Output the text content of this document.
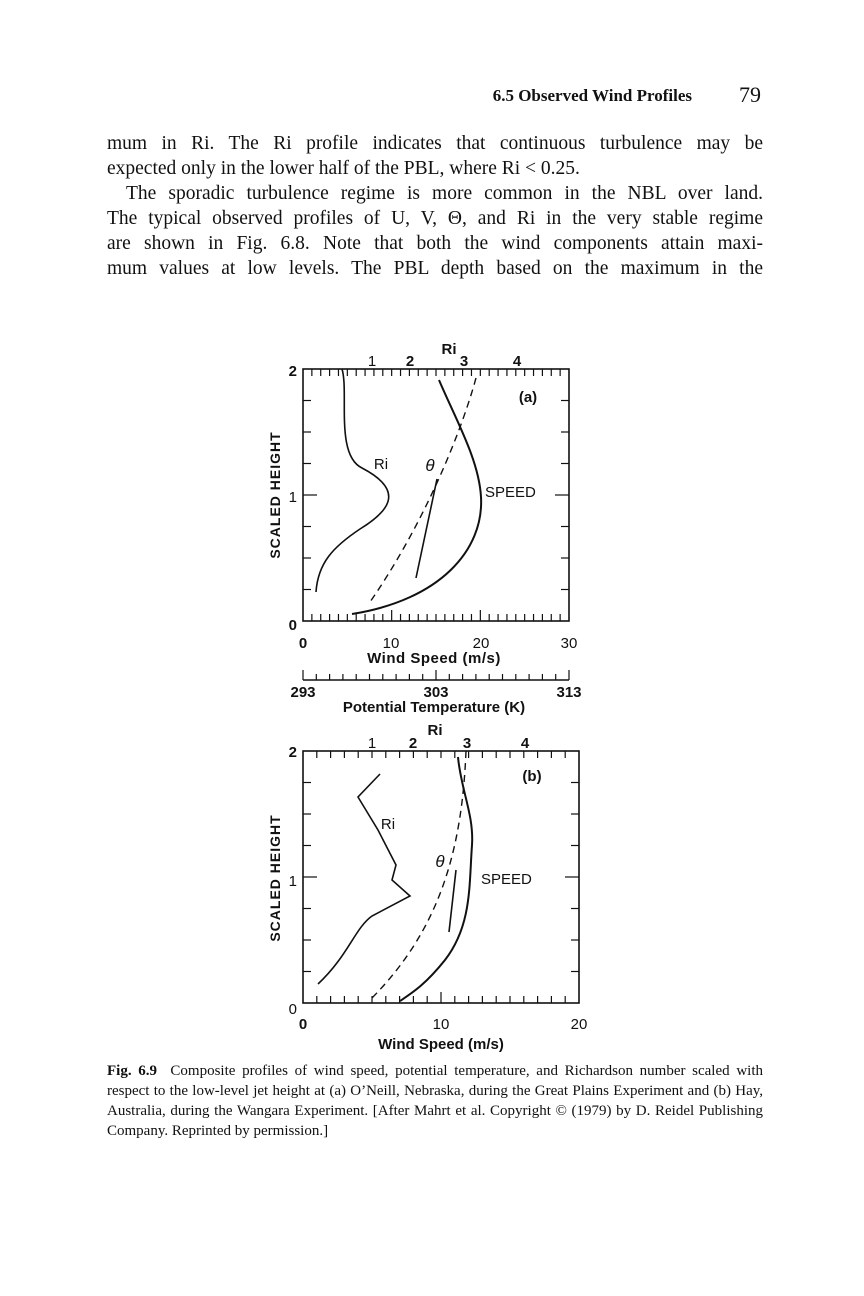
6.5 Observed Wind Profiles 79

mum in Ri. The Ri profile indicates that continuous turbulence may be

expected only in the lower half of the PBL, where Ri < 0.25.

The sporadic turbulence regime is more common in the NBL over land.

The typical observed profiles of U, V, Θ, and Ri in the very stable regime

are shown in Fig. 6.8. Note that both the wind components attain maxi-

mum values at low levels. The PBL depth based on the maximum in the

Ri
1 2	3	4
2
1
0
SCALED HEIGHT
(a)
Ri θ
SPEED
0	10	20	30
Wind Speed (m/s)
293	303	313
Potential Temperature (K)
Ri
1 2	3	4
2
1
0
SCALED HEIGHT
(b)
Ri
θ
SPEED
0	10	20
Wind Speed (m/s)

Fig. 6.9 Composite profiles of wind speed, potential temperature, and Richardson number scaled with respect to the low-level jet height at (a) O’Neill, Nebraska, during the Great Plains Experiment and (b) Hay, Australia, during the Wangara Experiment. [After Mahrt et al. Copyright © (1979) by D. Reidel Publishing Company. Reprinted by permission.]
